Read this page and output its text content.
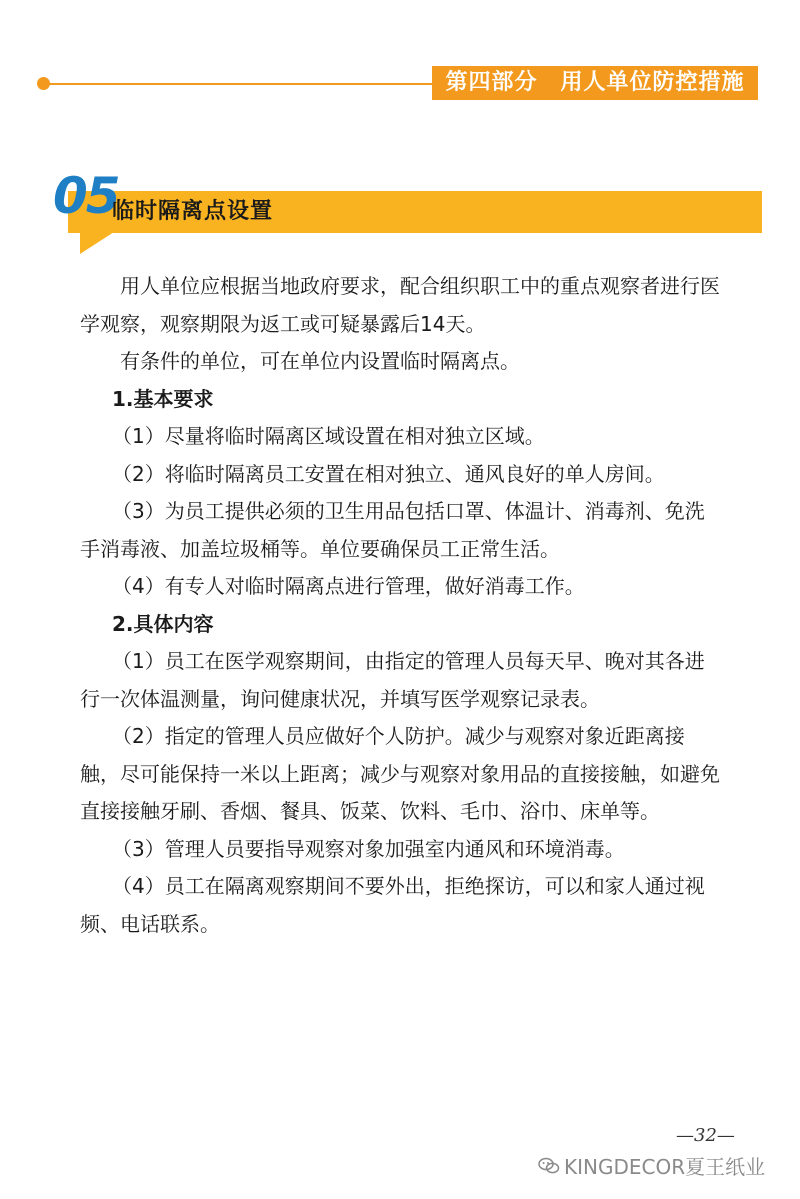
第四部分　用人单位防控措施
05
临时隔离点设置

用人单位应根据当地政府要求，配合组织职工中的重点观察者进行医学观察，观察期限为返工或可疑暴露后14天。

有条件的单位，可在单位内设置临时隔离点。

1.基本要求

（1）尽量将临时隔离区域设置在相对独立区域。

（2）将临时隔离员工安置在相对独立、通风良好的单人房间。

（3）为员工提供必须的卫生用品包括口罩、体温计、消毒剂、免洗手消毒液、加盖垃圾桶等。单位要确保员工正常生活。

（4）有专人对临时隔离点进行管理，做好消毒工作。

2.具体内容

（1）员工在医学观察期间，由指定的管理人员每天早、晚对其各进行一次体温测量，询问健康状况，并填写医学观察记录表。

（2）指定的管理人员应做好个人防护。减少与观察对象近距离接触，尽可能保持一米以上距离；减少与观察对象用品的直接接触，如避免直接接触牙刷、香烟、餐具、饭菜、饮料、毛巾、浴巾、床单等。

（3）管理人员要指导观察对象加强室内通风和环境消毒。

（4）员工在隔离观察期间不要外出，拒绝探访，可以和家人通过视频、电话联系。

—32—
KINGDECOR夏王纸业
